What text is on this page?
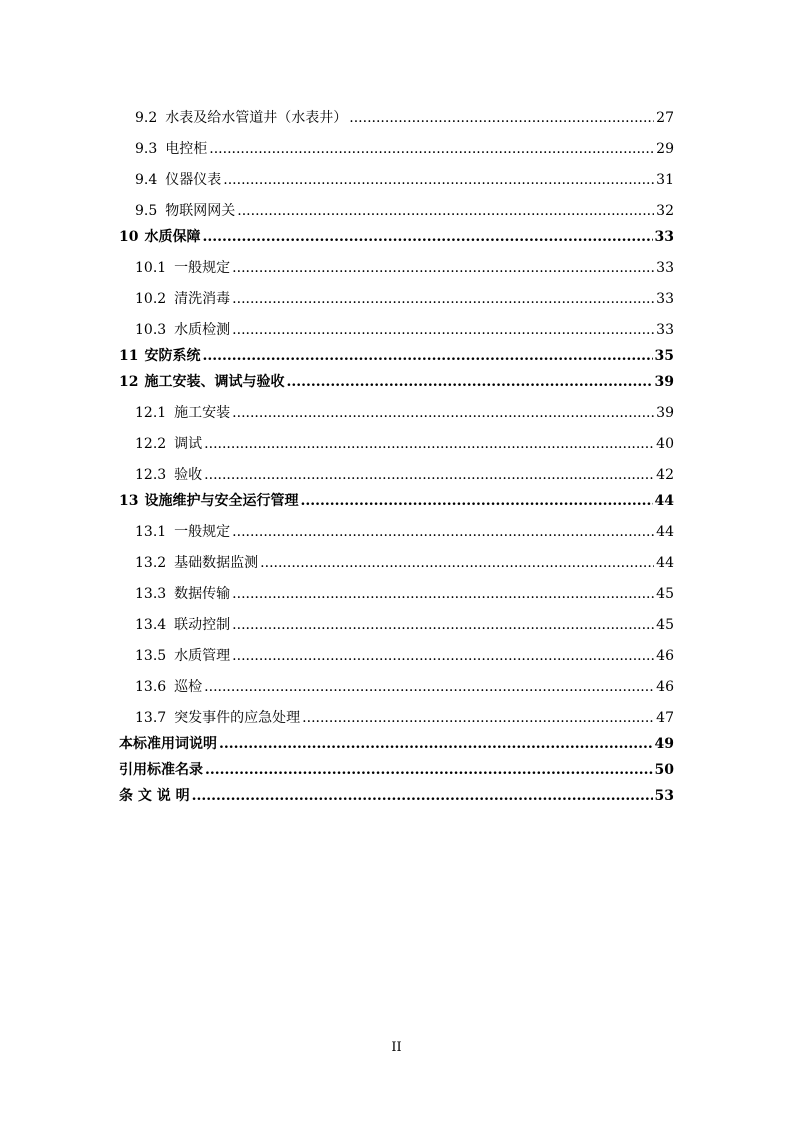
9.2 水表及给水管道井（水表井） .....	27
9.3 电控柜 .....	29
9.4 仪器仪表 .....	31
9.5 物联网网关 .....	32
10 水质保障 .....	33
10.1 一般规定 .....	33
10.2 清洗消毒 .....	33
10.3 水质检测 .....	33
11 安防系统 .....	35
12 施工安装、调试与验收 .....	39
12.1 施工安装 .....	39
12.2 调试 .....	40
12.3 验收 .....	42
13 设施维护与安全运行管理 .....	44
13.1 一般规定 .....	44
13.2 基础数据监测 .....	44
13.3 数据传输 .....	45
13.4 联动控制 .....	45
13.5 水质管理 .....	46
13.6 巡检 .....	46
13.7 突发事件的应急处理 .....	47
本标准用词说明 .....	49
引用标准名录 .....	50
条 文 说 明 .....	53
II
